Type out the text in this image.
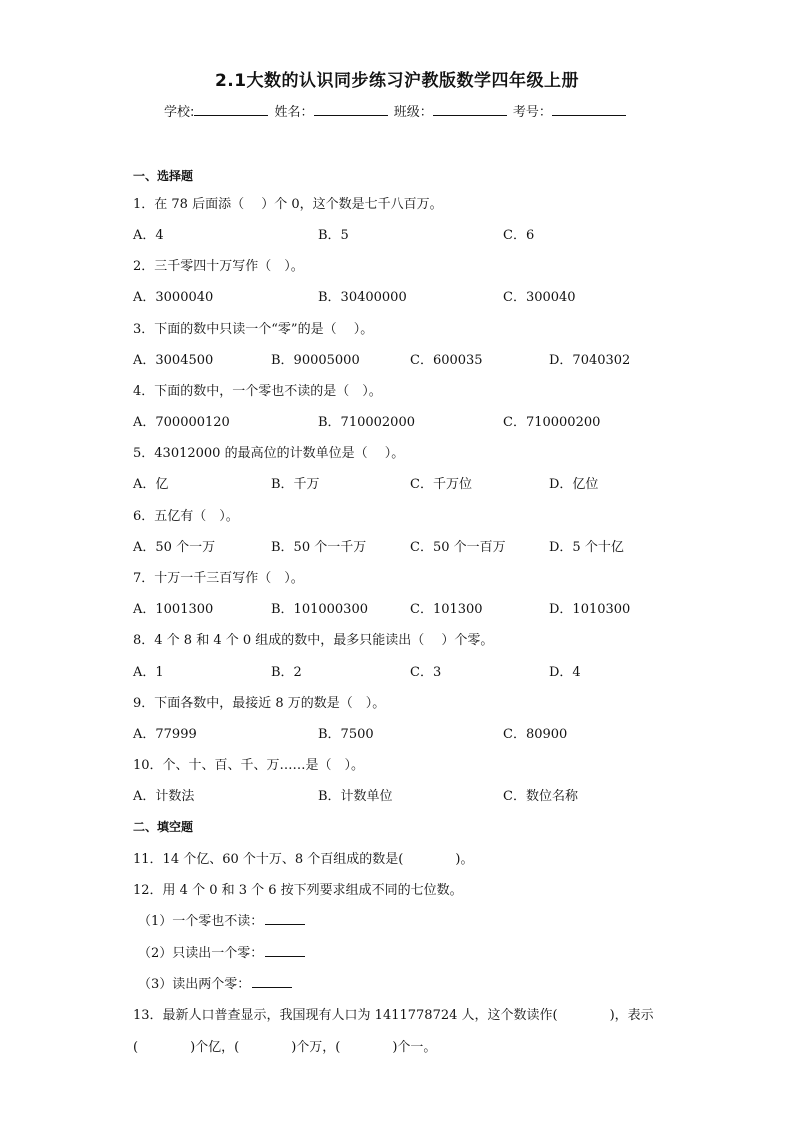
2.1大数的认识同步练习沪教版数学四年级上册
学校:	姓名：	班级：	考号：
一、选择题
1．在 78 后面添（　 ）个 0，这个数是七千八百万。
A．4	B．5	C．6
2．三千零四十万写作（　）。
A．3000040	B．30400000	C．300040
3．下面的数中只读一个“零”的是（　 ）。
A．3004500	B．90005000	C．600035	D．7040302
4．下面的数中，一个零也不读的是（　）。
A．700000120	B．710002000	C．710000200
5．43012000 的最高位的计数单位是（　 ）。
A．亿	B．千万	C．千万位	D．亿位
6．五亿有（　）。
A．50 个一万	B．50 个一千万	C．50 个一百万	D．5 个十亿
7．十万一千三百写作（　）。
A．1001300	B．101000300	C．101300	D．1010300
8．4 个 8 和 4 个 0 组成的数中，最多只能读出（　 ）个零。
A．1	B．2	C．3	D．4
9．下面各数中，最接近 8 万的数是（　）。
A．77999	B．7500	C．80900
10．个、十、百、千、万……是（　）。
A．计数法	B．计数单位	C．数位名称
二、填空题
11．14 个亿、60 个十万、8 个百组成的数是(　　　　)。
12．用 4 个 0 和 3 个 6 按下列要求组成不同的七位数。
（1）一个零也不读：
（2）只读出一个零：
（3）读出两个零：
13．最新人口普查显示，我国现有人口为 1411778724 人，这个数读作(　　　　)，表示
(　　　　)个亿，(　　　　)个万，(　　　　)个一。
